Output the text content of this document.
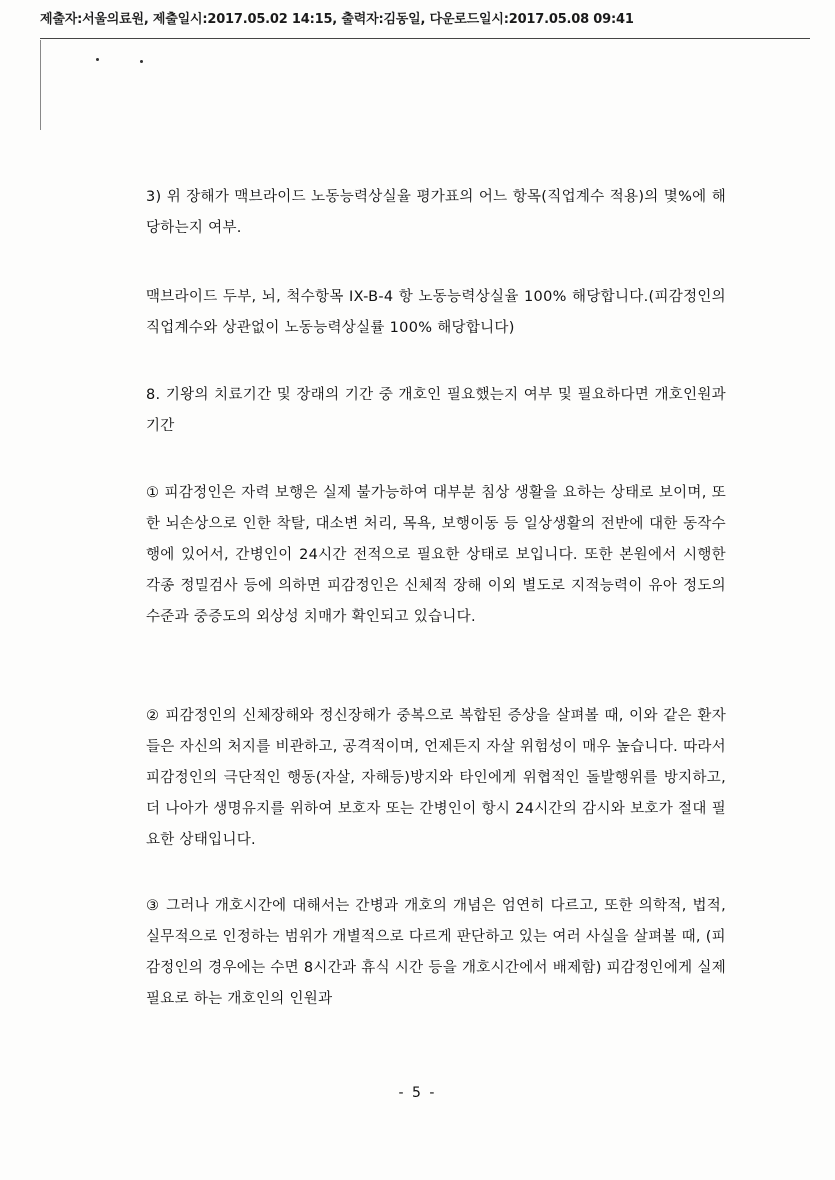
제출자:서울의료원, 제출일시:2017.05.02 14:15, 출력자:김동일, 다운로드일시:2017.05.08 09:41

3) 위 장해가 맥브라이드 노동능력상실율 평가표의 어느 항목(직업계수 적용)의 몇%에 해당하는지 여부.

맥브라이드 두부, 뇌, 척수항목 IX-B-4 항 노동능력상실율 100% 해당합니다.(피감정인의 직업계수와 상관없이 노동능력상실률 100% 해당합니다)

8. 기왕의 치료기간 및 장래의 기간 중 개호인 필요했는지 여부 및 필요하다면 개호인원과 기간

① 피감정인은 자력 보행은 실제 불가능하여 대부분 침상 생활을 요하는 상태로 보이며, 또한 뇌손상으로 인한 착탈, 대소변 처리, 목욕, 보행이동 등 일상생활의 전반에 대한 동작수행에 있어서, 간병인이 24시간 전적으로 필요한 상태로 보입니다. 또한 본원에서 시행한 각종 정밀검사 등에 의하면 피감정인은 신체적 장해 이외 별도로 지적능력이 유아 정도의 수준과 중증도의 외상성 치매가 확인되고 있습니다.

② 피감정인의 신체장해와 정신장해가 중복으로 복합된 증상을 살펴볼 때, 이와 같은 환자들은 자신의 처지를 비관하고, 공격적이며, 언제든지 자살 위험성이 매우 높습니다. 따라서 피감정인의 극단적인 행동(자살, 자해등)방지와 타인에게 위협적인 돌발행위를 방지하고, 더 나아가 생명유지를 위하여 보호자 또는 간병인이 항시 24시간의 감시와 보호가 절대 필요한 상태입니다.

③ 그러나 개호시간에 대해서는 간병과 개호의 개념은 엄연히 다르고, 또한 의학적, 법적, 실무적으로 인정하는 범위가 개별적으로 다르게 판단하고 있는 여러 사실을 살펴볼 때, (피감정인의 경우에는 수면 8시간과 휴식 시간 등을 개호시간에서 배제함) 피감정인에게 실제 필요로 하는 개호인의 인원과

- 5 -
